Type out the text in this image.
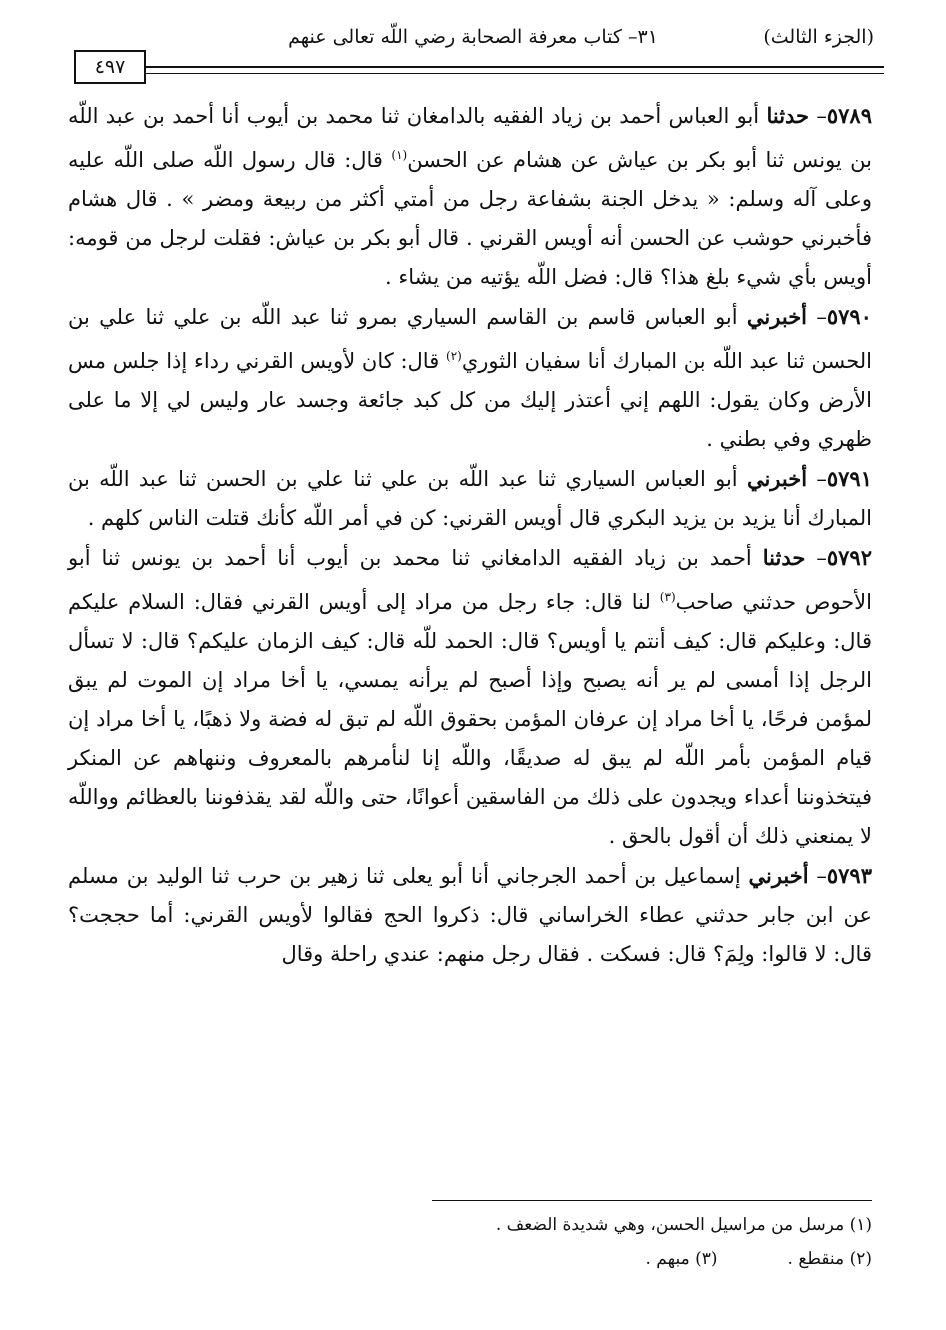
(الجزء الثالث)
٣١– كتاب معرفة الصحابة رضي اللّه تعالى عنهم
٤٩٧

٥٧٨٩– حدثنا أبو العباس أحمد بن زياد الفقيه بالدامغان ثنا محمد بن أيوب أنا أحمد بن عبد اللّه بن يونس ثنا أبو بكر بن عياش عن هشام عن الحسن$^{(١)}$ قال: قال رسول اللّه صلى اللّه عليه وعلى آله وسلم: « يدخل الجنة بشفاعة رجل من أمتي أكثر من ربيعة ومضر » . قال هشام فأخبرني حوشب عن الحسن أنه أويس القرني . قال أبو بكر بن عياش: فقلت لرجل من قومه: أويس بأي شيء بلغ هذا؟ قال: فضل اللّه يؤتيه من يشاء .

٥٧٩٠– أخبرني أبو العباس قاسم بن القاسم السياري بمرو ثنا عبد اللّه بن علي ثنا علي بن الحسن ثنا عبد اللّه بن المبارك أنا سفيان الثوري$^{(٢)}$ قال: كان لأويس القرني رداء إذا جلس مس الأرض وكان يقول: اللهم إني أعتذر إليك من كل كبد جائعة وجسد عار وليس لي إلا ما على ظهري وفي بطني .

٥٧٩١– أخبرني أبو العباس السياري ثنا عبد اللّه بن علي ثنا علي بن الحسن ثنا عبد اللّه بن المبارك أنا يزيد بن يزيد البكري قال أويس القرني: كن في أمر اللّه كأنك قتلت الناس كلهم .

٥٧٩٢– حدثنا أحمد بن زياد الفقيه الدامغاني ثنا محمد بن أيوب أنا أحمد بن يونس ثنا أبو الأحوص حدثني صاحب$^{(٣)}$ لنا قال: جاء رجل من مراد إلى أويس القرني فقال: السلام عليكم قال: وعليكم قال: كيف أنتم يا أويس؟ قال: الحمد للّه قال: كيف الزمان عليكم؟ قال: لا تسأل الرجل إذا أمسى لم ير أنه يصبح وإذا أصبح لم يرأنه يمسي، يا أخا مراد إن الموت لم يبق لمؤمن فرحًا، يا أخا مراد إن عرفان المؤمن بحقوق اللّه لم تبق له فضة ولا ذهبًا، يا أخا مراد إن قيام المؤمن بأمر اللّه لم يبق له صديقًا، واللّه إنا لنأمرهم بالمعروف وننهاهم عن المنكر فيتخذوننا أعداء ويجدون على ذلك من الفاسقين أعوانًا، حتى واللّه لقد يقذفوننا بالعظائم وواللّه لا يمنعني ذلك أن أقول بالحق .

٥٧٩٣– أخبرني إسماعيل بن أحمد الجرجاني أنا أبو يعلى ثنا زهير بن حرب ثنا الوليد بن مسلم عن ابن جابر حدثني عطاء الخراساني قال: ذكروا الحج فقالوا لأويس القرني: أما حججت؟ قال: لا قالوا: ولِمَ؟ قال: فسكت . فقال رجل منهم: عندي راحلة وقال

(١) مرسل من مراسيل الحسن، وهي شديدة الضعف .
(٢) منقطع .
(٣) مبهم .
